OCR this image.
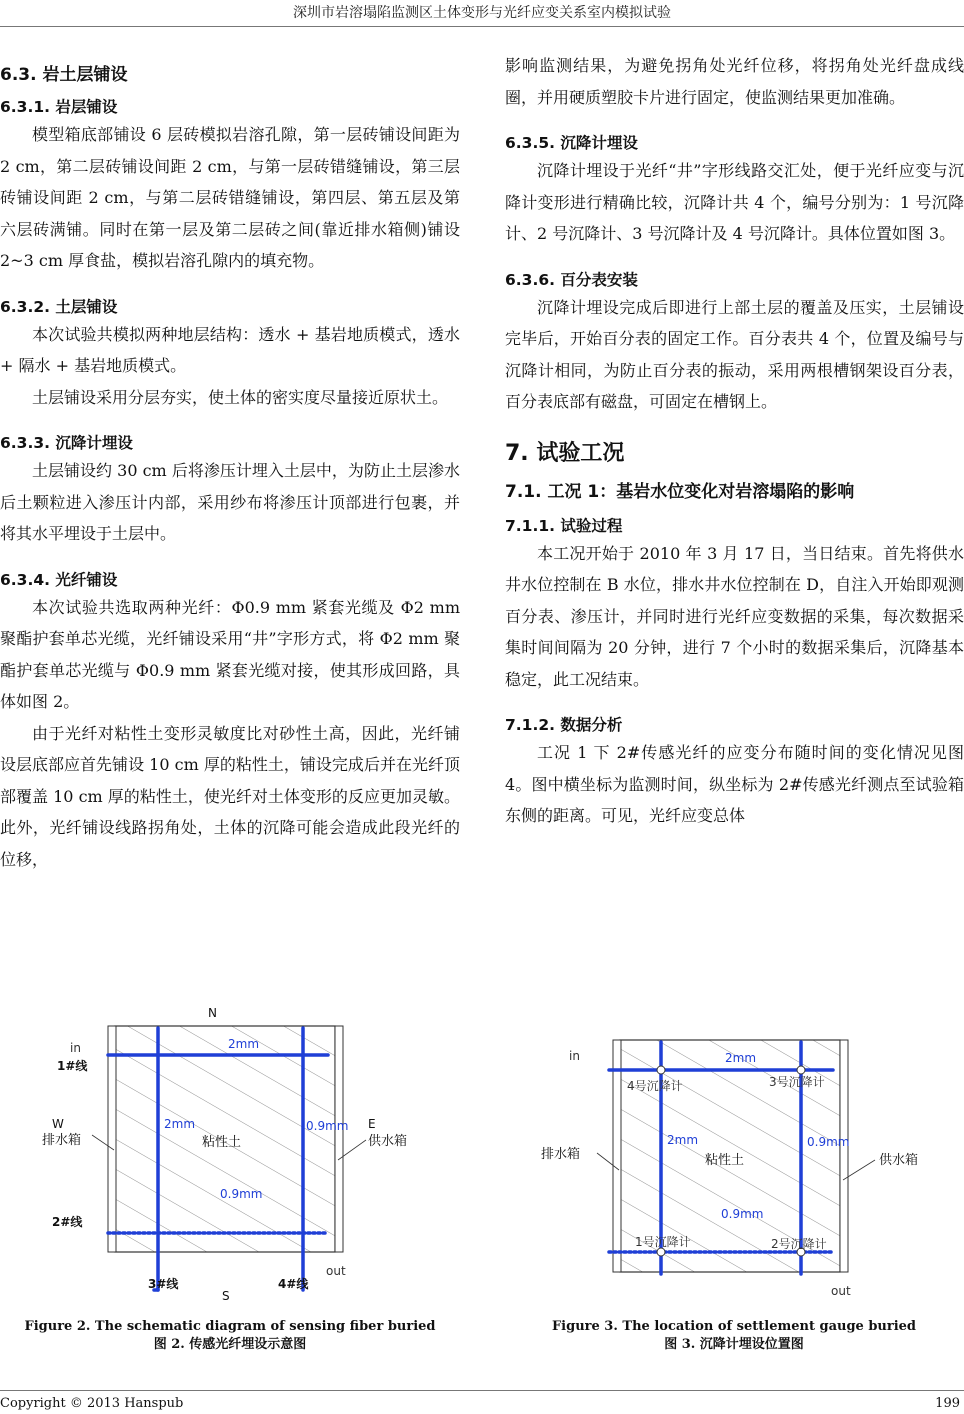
深圳市岩溶塌陷监测区土体变形与光纤应变关系室内模拟试验
6.3. 岩土层铺设
6.3.1. 岩层铺设

模型箱底部铺设 6 层砖模拟岩溶孔隙，第一层砖铺设间距为 2 cm，第二层砖铺设间距 2 cm，与第一层砖错缝铺设，第三层砖铺设间距 2 cm，与第二层砖错缝铺设，第四层、第五层及第六层砖满铺。同时在第一层及第二层砖之间(靠近排水箱侧)铺设 2~3 cm 厚食盐，模拟岩溶孔隙内的填充物。

6.3.2. 土层铺设

本次试验共模拟两种地层结构：透水 + 基岩地质模式，透水 + 隔水 + 基岩地质模式。

土层铺设采用分层夯实，使土体的密实度尽量接近原状土。

6.3.3. 沉降计埋设

土层铺设约 30 cm 后将渗压计埋入土层中，为防止土层渗水后土颗粒进入渗压计内部，采用纱布将渗压计顶部进行包裹，并将其水平埋设于土层中。

6.3.4. 光纤铺设

本次试验共选取两种光纤：Φ0.9 mm 紧套光缆及 Φ2 mm 聚酯护套单芯光缆，光纤铺设采用“井”字形方式，将 Φ2 mm 聚酯护套单芯光缆与 Φ0.9 mm 紧套光缆对接，使其形成回路，具体如图 2。

由于光纤对粘性土变形灵敏度比对砂性土高，因此，光纤铺设层底部应首先铺设 10 cm 厚的粘性土，铺设完成后并在光纤顶部覆盖 10 cm 厚的粘性土，使光纤对土体变形的反应更加灵敏。此外，光纤铺设线路拐角处，土体的沉降可能会造成此段光纤的位移，

影响监测结果，为避免拐角处光纤位移，将拐角处光纤盘成线圈，并用硬质塑胶卡片进行固定，使监测结果更加准确。

6.3.5. 沉降计埋设

沉降计埋设于光纤“井”字形线路交汇处，便于光纤应变与沉降计变形进行精确比较，沉降计共 4 个，编号分别为：1 号沉降计、2 号沉降计、3 号沉降计及 4 号沉降计。具体位置如图 3。

6.3.6. 百分表安装

沉降计埋设完成后即进行上部土层的覆盖及压实，土层铺设完毕后，开始百分表的固定工作。百分表共 4 个，位置及编号与沉降计相同，为防止百分表的振动，采用两根槽钢架设百分表，百分表底部有磁盘，可固定在槽钢上。

7. 试验工况
7.1. 工况 1：基岩水位变化对岩溶塌陷的影响
7.1.1. 试验过程

本工况开始于 2010 年 3 月 17 日，当日结束。首先将供水井水位控制在 B 水位，排水井水位控制在 D，自注入开始即观测百分表、渗压计，并同时进行光纤应变数据的采集，每次数据采集时间间隔为 20 分钟，进行 7 个小时的数据采集后，沉降基本稳定，此工况结束。

7.1.2. 数据分析

工况 1 下 2#传感光纤的应变分布随时间的变化情况见图 4。图中横坐标为监测时间，纵坐标为 2#传感光纤测点至试验箱东侧的距离。可见，光纤应变总体

in
1#线
N
S
W	E
排水箱	供水箱
粘性土
2mm
2mm	0.9mm
0.9mm
2#线
3#线	4#线
out
Figure 2. The schematic diagram of sensing fiber buried
图 2. 传感光纤埋设示意图
in	2mm
4号沉降计	3号沉降计
排水箱	供水箱
粘性土
2mm	0.9mm
0.9mm
1号沉降计	2号沉降计
out
Figure 3. The location of settlement gauge buried
图 3. 沉降计埋设位置图
Copyright © 2013 Hanspub	199
